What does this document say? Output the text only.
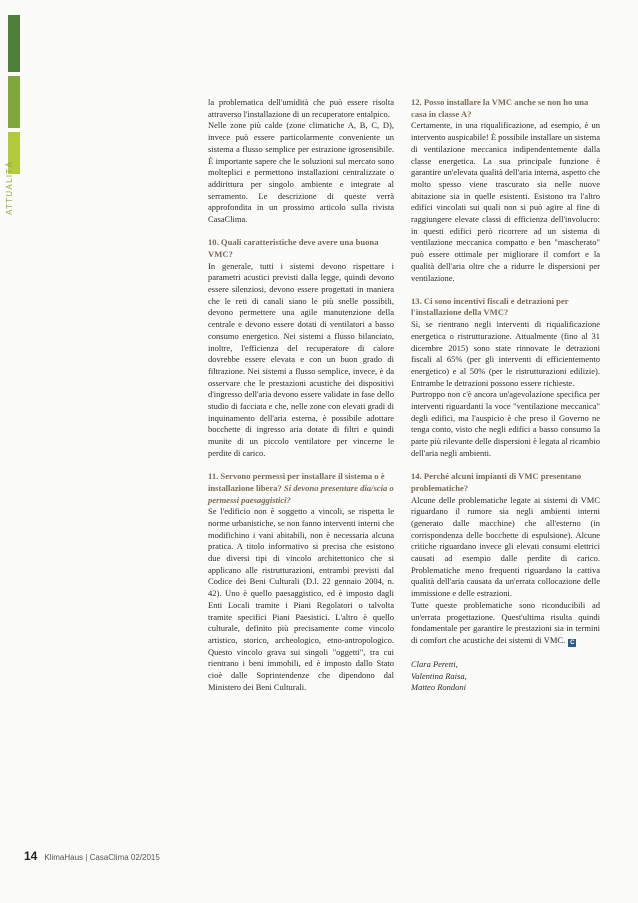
ATTUALITÀ

la problematica dell'umidità che può essere risolta attraverso l'installazione di un recuperatore entalpico.

Nelle zone più calde (zone climatiche A, B, C, D), invece può essere particolarmente conveniente un sistema a flusso semplice per estrazione igrosensibile. È importante sapere che le soluzioni sul mercato sono molteplici e permettono installazioni centralizzate o addirittura per singolo ambiente e integrate al serramento. Le descrizione di queste verrà approfondita in un prossimo articolo sulla rivista CasaClima.

10. Quali caratteristiche deve avere una buona VMC?

In generale, tutti i sistemi devono rispettare i parametri acustici previsti dalla legge, quindi devono essere silenziosi, devono essere progettati in maniera che le reti di canali siano le più snelle possibili, devono permettere una agile manutenzione della centrale e devono essere dotati di ventilatori a basso consumo energetico. Nei sistemi a flusso bilanciato, inoltre, l'efficienza del recuperatore di calore dovrebbe essere elevata e con un buon grado di filtrazione. Nei sistemi a flusso semplice, invece, è da osservare che le prestazioni acustiche dei dispositivi d'ingresso dell'aria devono essere validate in fase dello studio di facciata e che, nelle zone con elevati gradi di inquinamento dell'aria esterna, è possibile adottare bocchette di ingresso aria dotate di filtri e quindi munite di un piccolo ventilatore per vincerne le perdite di carico.

11. Servono permessi per installare il sistema o è installazione libera? Si devono presentare dia/scia o permessi paesaggistici?

Se l'edificio non è soggetto a vincoli, se rispetta le norme urbanistiche, se non fanno interventi interni che modifichino i vani abitabili, non è necessaria alcuna pratica. A titolo informativo si precisa che esistono due diversi tipi di vincolo architettonico che si applicano alle ristrutturazioni, entrambi previsti dal Codice dei Beni Culturali (D.l. 22 gennaio 2004, n. 42). Uno è quello paesaggistico, ed è imposto dagli Enti Locali tramite i Piani Regolatori o talvolta tramite specifici Piani Paesistici. L'altro è quello culturale, definito più precisamente come vincolo artistico, storico, archeologico, etno-antropologico. Questo vincolo grava sui singoli "oggetti", tra cui rientrano i beni immobili, ed è imposto dallo Stato cioè dalle Soprintendenze che dipendono dal Ministero dei Beni Culturali.

12. Posso installare la VMC anche se non ho una casa in classe A?

Certamente, in una riqualificazione, ad esempio, è un intervento auspicabile! È possibile installare un sistema di ventilazione meccanica indipendentemente dalla classe energetica. La sua principale funzione è garantire un'elevata qualità dell'aria interna, aspetto che molto spesso viene trascurato sia nelle nuove abitazione sia in quelle esistenti. Esistono tra l'altro edifici vincolati sui quali non si può agire al fine di raggiungere elevate classi di efficienza dell'involucro: in questi edifici però ricorrere ad un sistema di ventilazione meccanica compatto e ben "mascherato" può essere ottimale per migliorare il comfort e la qualità dell'aria oltre che a ridurre le dispersioni per ventilazione.

13. Ci sono incentivi fiscali e detrazioni per l'installazione della VMC?

Sì, se rientrano negli interventi di riqualificazione energetica o ristrutturazione. Attualmente (fino al 31 dicembre 2015) sono state rinnovate le detrazioni fiscali al 65% (per gli interventi di efficientemento energetico) e al 50% (per le ristrutturazioni edilizie). Entrambe le detrazioni possono essere richieste.

Purtroppo non c'è ancora un'agevolazione specifica per interventi riguardanti la voce "ventilazione meccanica" degli edifici, ma l'auspicio è che preso il Governo ne tenga conto, visto che negli edifici a basso consumo la parte più rilevante delle dispersioni è legata al ricambio dell'aria negli ambienti.

14. Perché alcuni impianti di VMC presentano problematiche?

Alcune delle problematiche legate ai sistemi di VMC riguardano il rumore sia negli ambienti interni (generato dalle macchine) che all'esterno (in corrispondenza delle bocchette di espulsione). Alcune critiche riguardano invece gli elevati consumi elettrici causati ad esempio dalle perdite di carico. Problematiche meno frequenti riguardano la cattiva qualità dell'aria causata da un'errata collocazione delle immissione e delle estrazioni.

Tutte queste problematiche sono riconducibili ad un'errata progettazione. Quest'ultima risulta quindi fondamentale per garantire le prestazioni sia in termini di comfort che acustiche dei sistemi di VMC. C

Clara Peretti,
Valentina Raisa,
Matteo Rondoni
14 KlimaHaus | CasaClima 02/2015
